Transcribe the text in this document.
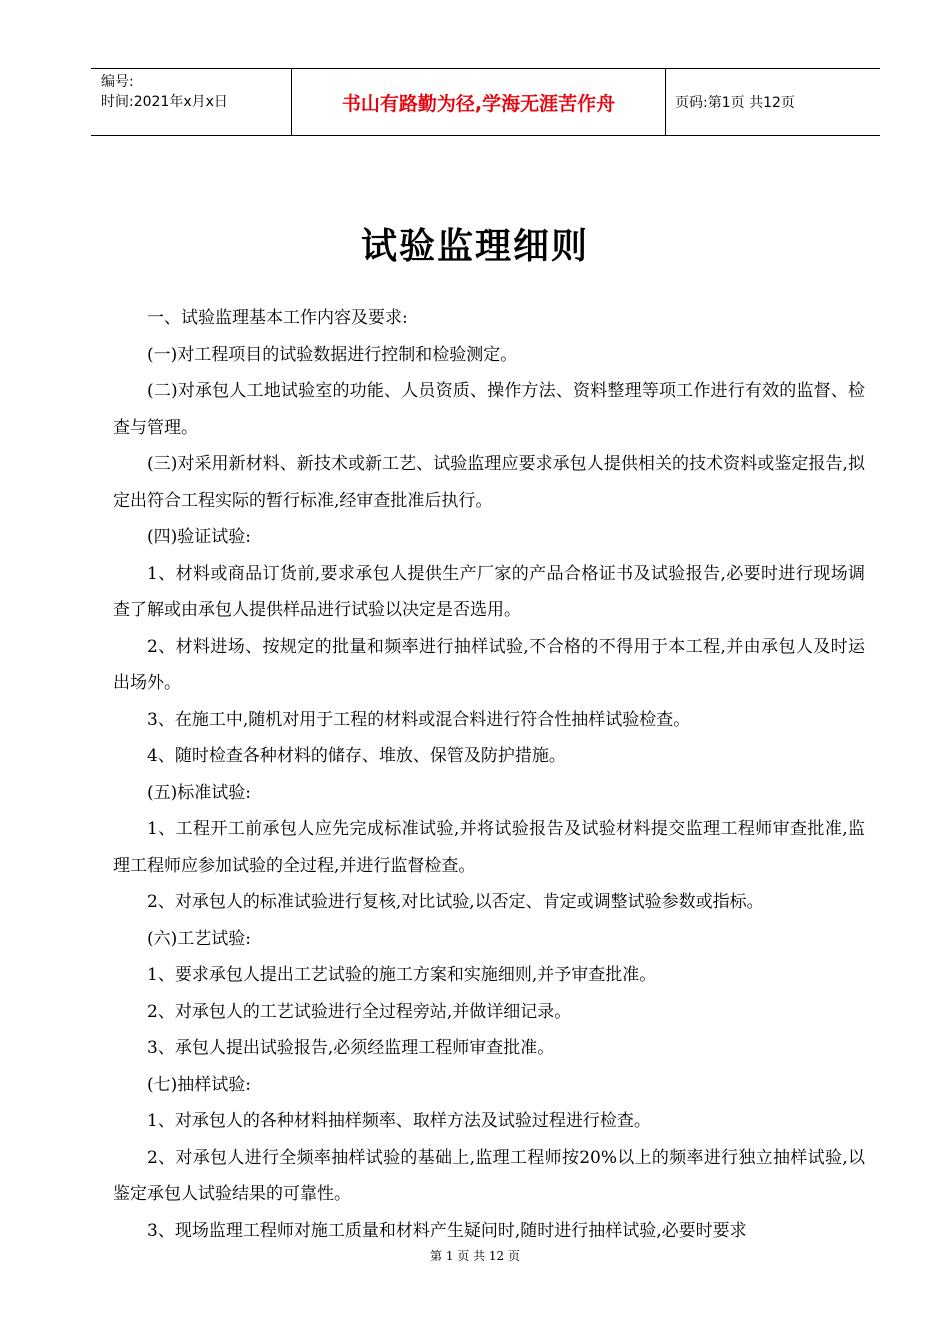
编号:
时间:2021年x月x日	书山有路勤为径,学海无涯苦作舟	页码:第1页 共12页
试验监理细则

一、试验监理基本工作内容及要求:

(一)对工程项目的试验数据进行控制和检验测定。

(二)对承包人工地试验室的功能、人员资质、操作方法、资料整理等项工作进行有效的监督、检查与管理。

(三)对采用新材料、新技术或新工艺、试验监理应要求承包人提供相关的技术资料或鉴定报告,拟定出符合工程实际的暂行标准,经审查批准后执行。

(四)验证试验:

1、材料或商品订货前,要求承包人提供生产厂家的产品合格证书及试验报告,必要时进行现场调查了解或由承包人提供样品进行试验以决定是否选用。

2、材料进场、按规定的批量和频率进行抽样试验,不合格的不得用于本工程,并由承包人及时运出场外。

3、在施工中,随机对用于工程的材料或混合料进行符合性抽样试验检查。

4、随时检查各种材料的储存、堆放、保管及防护措施。

(五)标准试验:

1、工程开工前承包人应先完成标准试验,并将试验报告及试验材料提交监理工程师审查批准,监理工程师应参加试验的全过程,并进行监督检查。

2、对承包人的标准试验进行复核,对比试验,以否定、肯定或调整试验参数或指标。

(六)工艺试验:

1、要求承包人提出工艺试验的施工方案和实施细则,并予审查批准。

2、对承包人的工艺试验进行全过程旁站,并做详细记录。

3、承包人提出试验报告,必须经监理工程师审查批准。

(七)抽样试验:

1、对承包人的各种材料抽样频率、取样方法及试验过程进行检查。

2、对承包人进行全频率抽样试验的基础上,监理工程师按20%以上的频率进行独立抽样试验,以鉴定承包人试验结果的可靠性。

3、现场监理工程师对施工质量和材料产生疑问时,随时进行抽样试验,必要时要求

第 1 页 共 12 页
